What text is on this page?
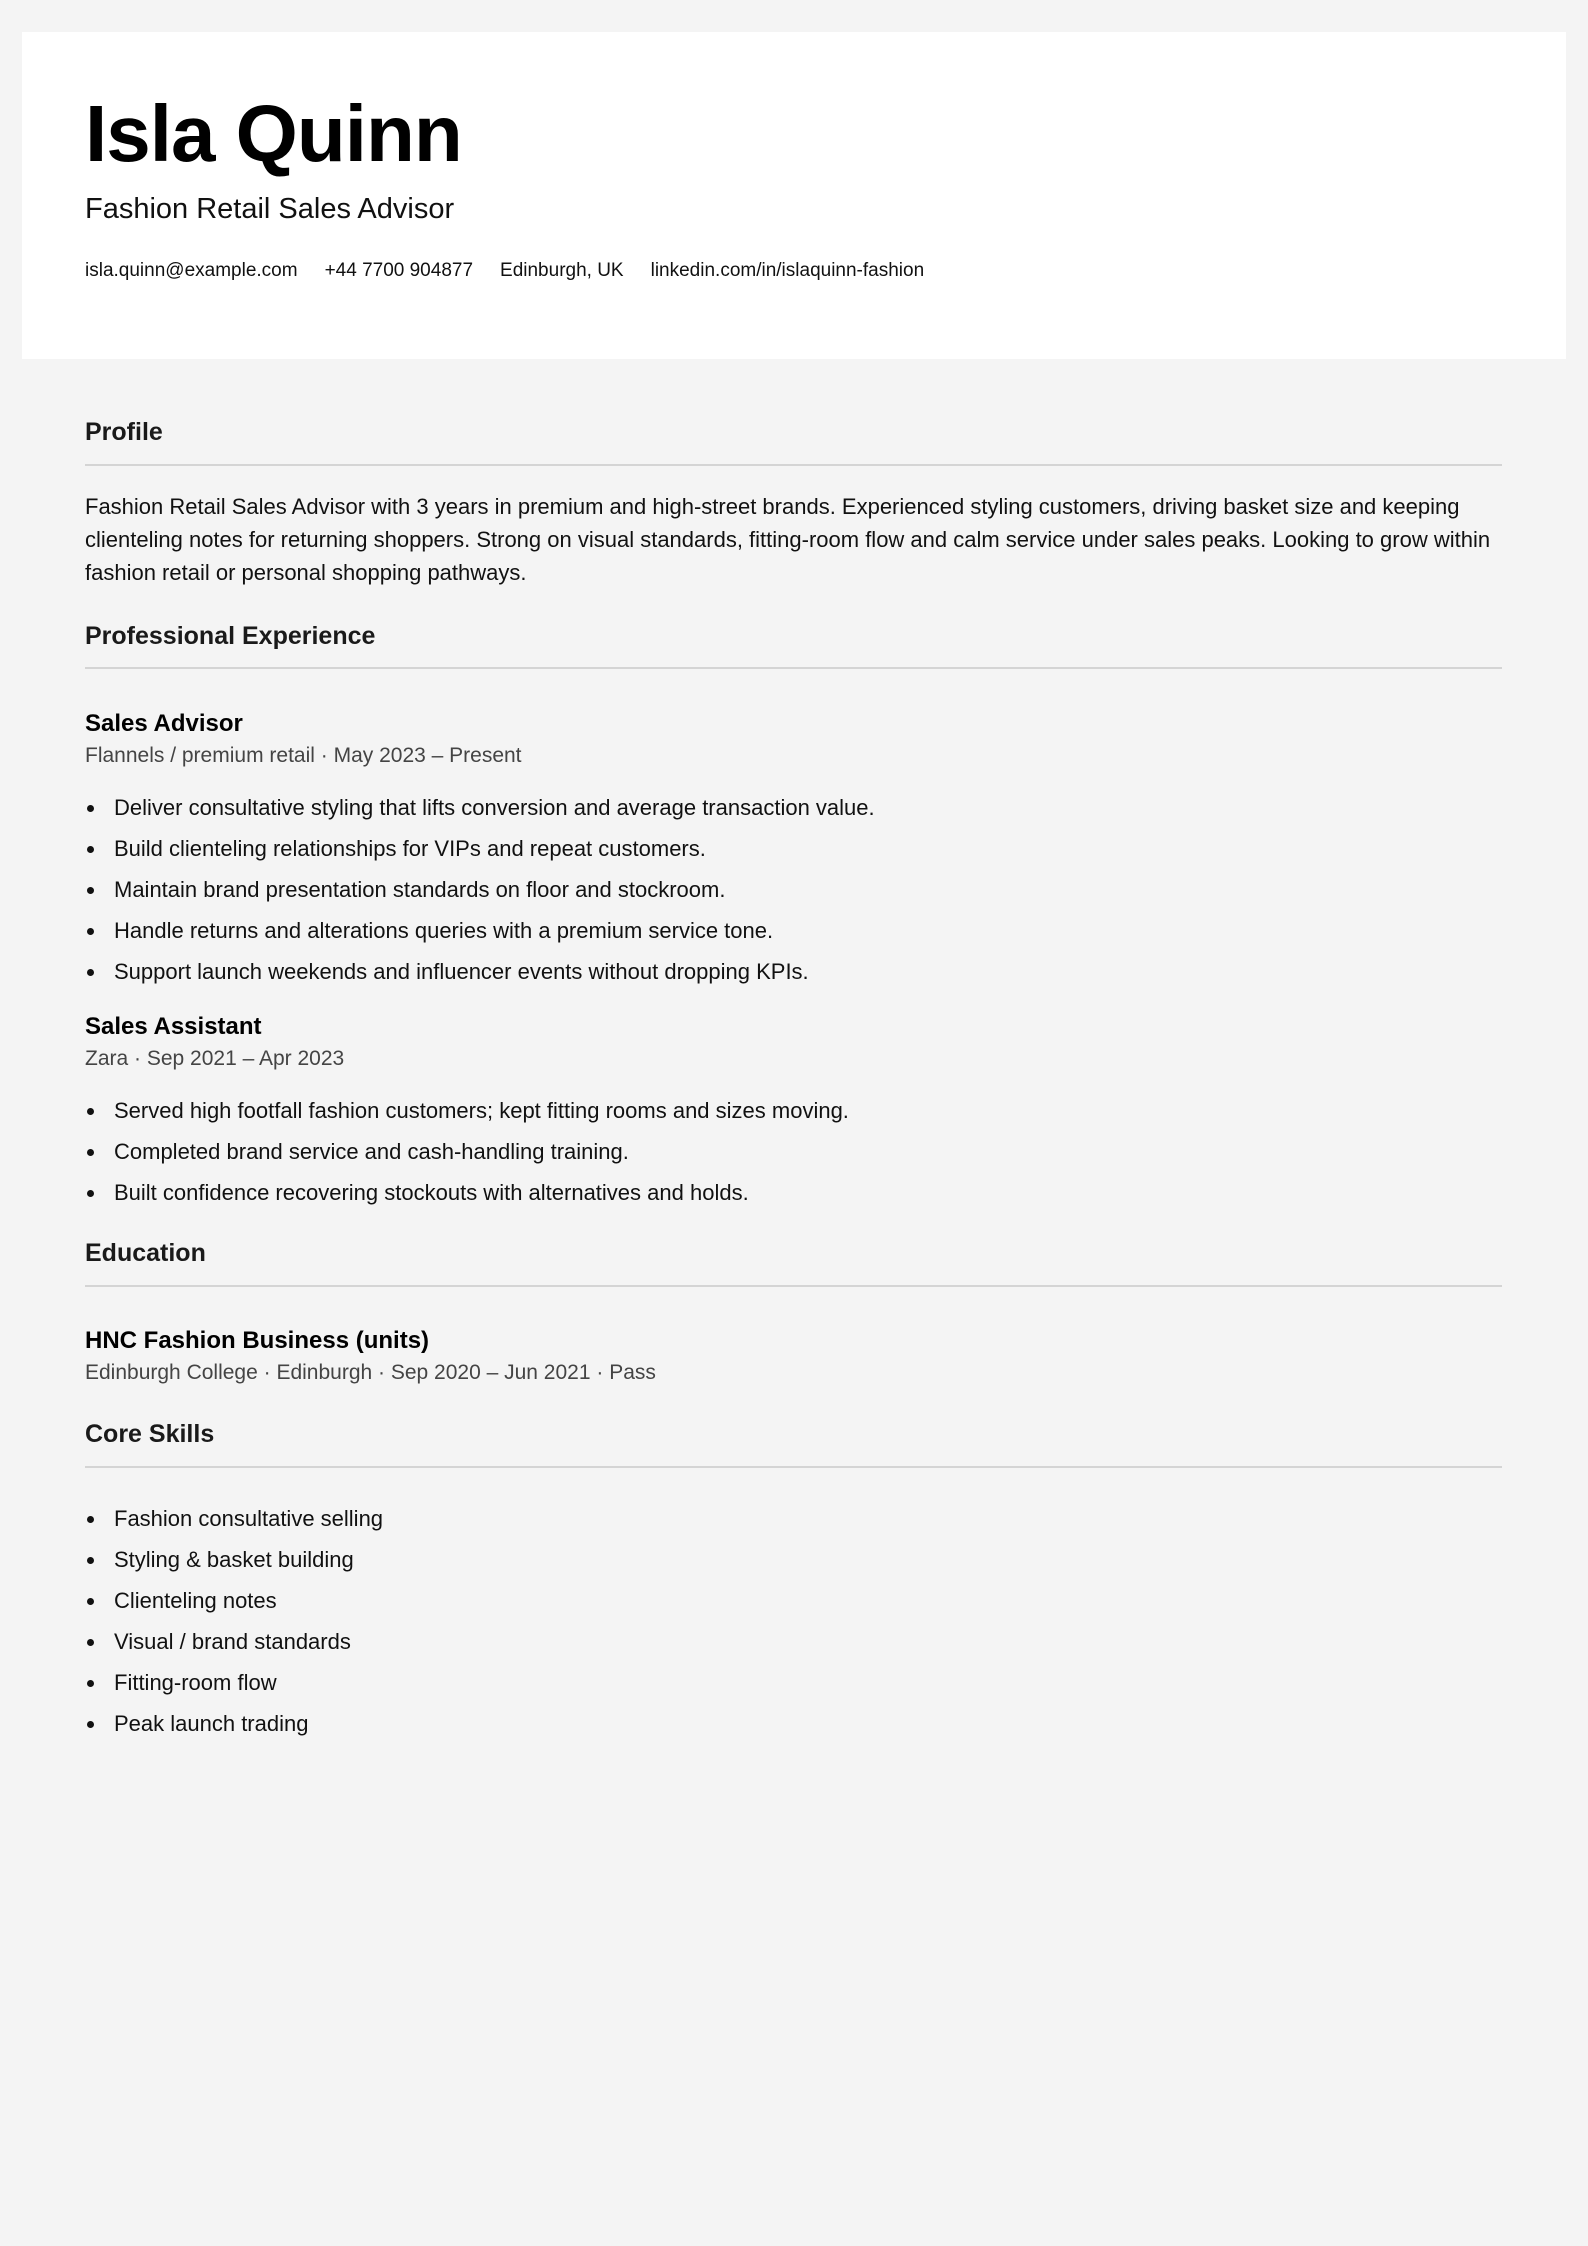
Isla Quinn

Fashion Retail Sales Advisor

isla.quinn@example.com +44 7700 904877 Edinburgh, UK linkedin.com/in/islaquinn-fashion
Profile

Fashion Retail Sales Advisor with 3 years in premium and high-street brands. Experienced styling customers, driving basket size and keeping clienteling notes for returning shoppers. Strong on visual standards, fitting-room flow and calm service under sales peaks. Looking to grow within fashion retail or personal shopping pathways.

Professional Experience
Sales Advisor

Flannels / premium retail · May 2023 – Present

Deliver consultative styling that lifts conversion and average transaction value.
Build clienteling relationships for VIPs and repeat customers.
Maintain brand presentation standards on floor and stockroom.
Handle returns and alterations queries with a premium service tone.
Support launch weekends and influencer events without dropping KPIs.
Sales Assistant

Zara · Sep 2021 – Apr 2023

Served high footfall fashion customers; kept fitting rooms and sizes moving.
Completed brand service and cash-handling training.
Built confidence recovering stockouts with alternatives and holds.
Education
HNC Fashion Business (units)

Edinburgh College · Edinburgh · Sep 2020 – Jun 2021 · Pass

Core Skills
Fashion consultative selling
Styling & basket building
Clienteling notes
Visual / brand standards
Fitting-room flow
Peak launch trading
